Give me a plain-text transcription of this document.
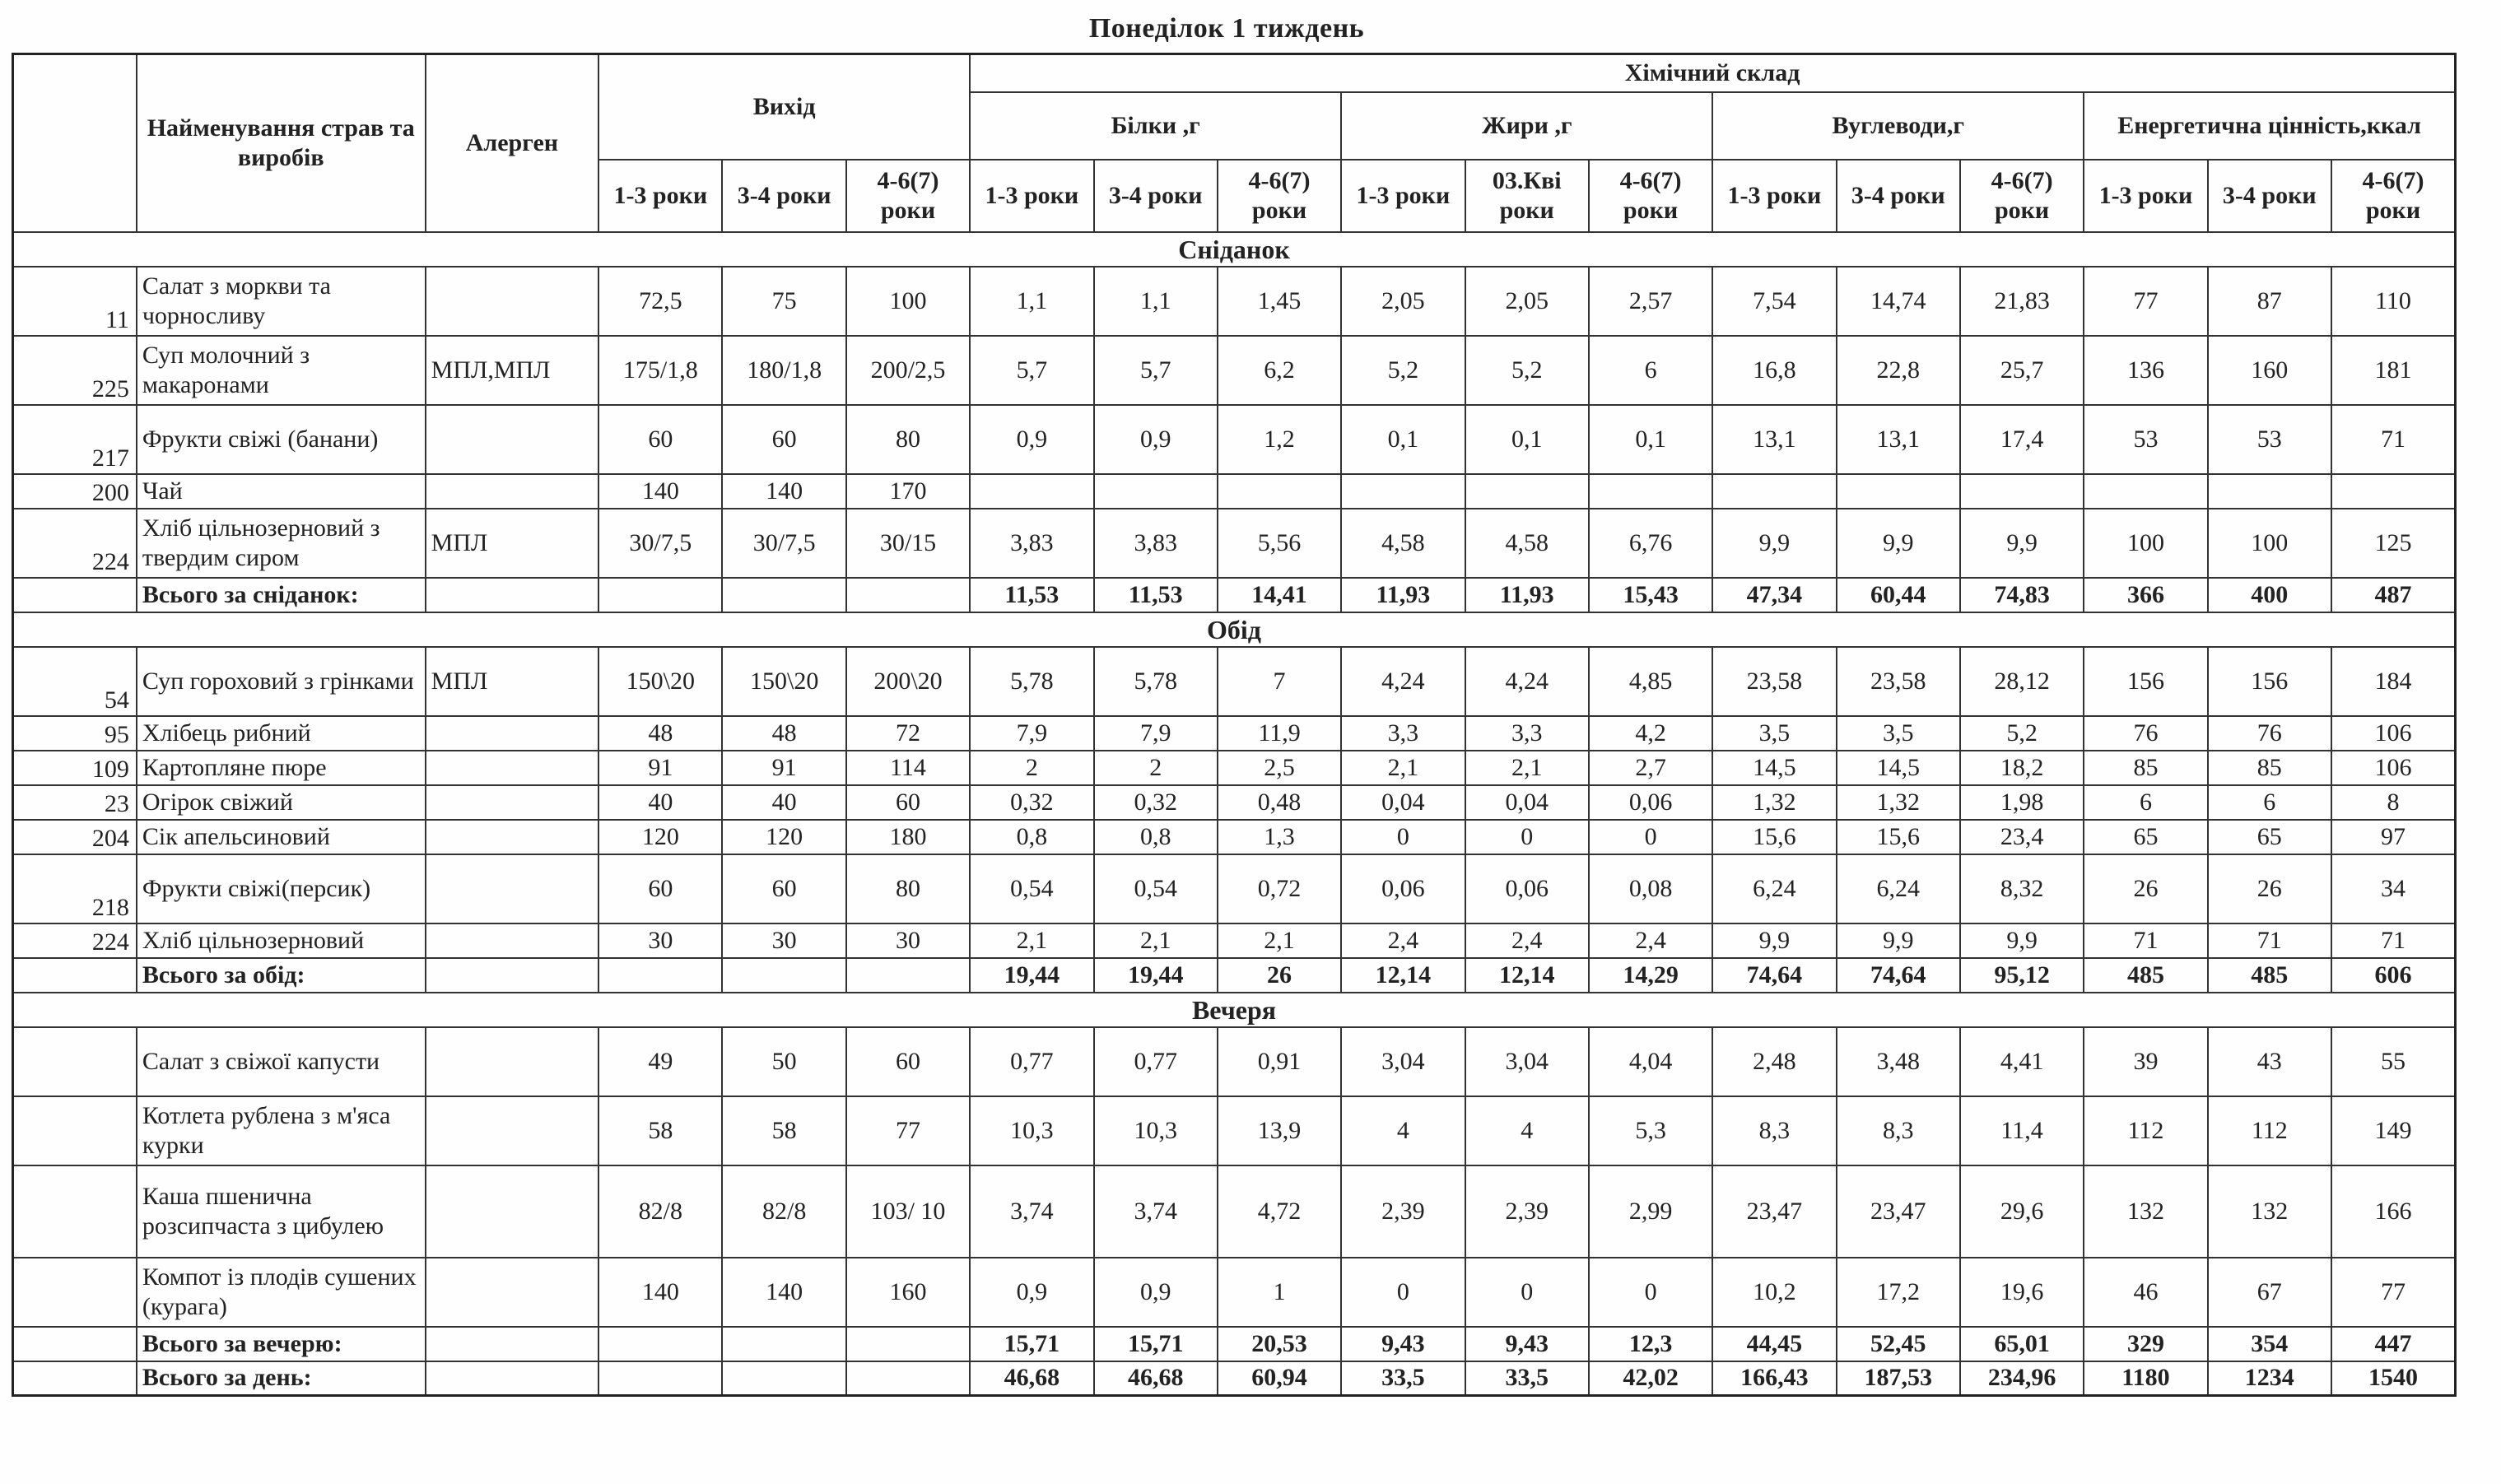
Понеділок 1 тиждень
	Найменування страв та виробів	Алерген	Вихід			Хімічний склад											
						Білки ,г			Жири ,г			Вуглеводи,г			Енергетична цінність,ккал		
			1-3 роки	3-4 роки	4-6(7) роки	1-3 роки	3-4 роки	4-6(7) роки	1-3 роки	03.Кві роки	4-6(7) роки	1-3 роки	3-4 роки	4-6(7) роки	1-3 роки	3-4 роки	4-6(7) роки
Сніданок																	
11	Салат з моркви та чорносливу		72,5	75	100	1,1	1,1	1,45	2,05	2,05	2,57	7,54	14,74	21,83	77	87	110
225	Суп молочний з макаронами	МПЛ,МПЛ	175/1,8	180/1,8	200/2,5	5,7	5,7	6,2	5,2	5,2	6	16,8	22,8	25,7	136	160	181
217	Фрукти свіжі (банани)		60	60	80	0,9	0,9	1,2	0,1	0,1	0,1	13,1	13,1	17,4	53	53	71
200	Чай		140	140	170												
224	Хліб цільнозерновий з твердим сиром	МПЛ	30/7,5	30/7,5	30/15	3,83	3,83	5,56	4,58	4,58	6,76	9,9	9,9	9,9	100	100	125
	Всього за сніданок:					11,53	11,53	14,41	11,93	11,93	15,43	47,34	60,44	74,83	366	400	487
Обід																	
54	Суп гороховий з грінками	МПЛ	150\20	150\20	200\20	5,78	5,78	7	4,24	4,24	4,85	23,58	23,58	28,12	156	156	184
95	Хлібець рибний		48	48	72	7,9	7,9	11,9	3,3	3,3	4,2	3,5	3,5	5,2	76	76	106
109	Картопляне пюре		91	91	114	2	2	2,5	2,1	2,1	2,7	14,5	14,5	18,2	85	85	106
23	Огірок свіжий		40	40	60	0,32	0,32	0,48	0,04	0,04	0,06	1,32	1,32	1,98	6	6	8
204	Сік апельсиновий		120	120	180	0,8	0,8	1,3	0	0	0	15,6	15,6	23,4	65	65	97
218	Фрукти свіжі(персик)		60	60	80	0,54	0,54	0,72	0,06	0,06	0,08	6,24	6,24	8,32	26	26	34
224	Хліб цільнозерновий		30	30	30	2,1	2,1	2,1	2,4	2,4	2,4	9,9	9,9	9,9	71	71	71
	Всього за обід:					19,44	19,44	26	12,14	12,14	14,29	74,64	74,64	95,12	485	485	606
Вечеря																	
	Салат з свіжої капусти		49	50	60	0,77	0,77	0,91	3,04	3,04	4,04	2,48	3,48	4,41	39	43	55
	Котлета рублена з м'яса курки		58	58	77	10,3	10,3	13,9	4	4	5,3	8,3	8,3	11,4	112	112	149
	Каша пшенична розсипчаста з цибулею		82/8	82/8	103/ 10	3,74	3,74	4,72	2,39	2,39	2,99	23,47	23,47	29,6	132	132	166
	Компот із плодів сушених (курага)		140	140	160	0,9	0,9	1	0	0	0	10,2	17,2	19,6	46	67	77
	Всього за вечерю:					15,71	15,71	20,53	9,43	9,43	12,3	44,45	52,45	65,01	329	354	447
	Всього за день:					46,68	46,68	60,94	33,5	33,5	42,02	166,43	187,53	234,96	1180	1234	1540
